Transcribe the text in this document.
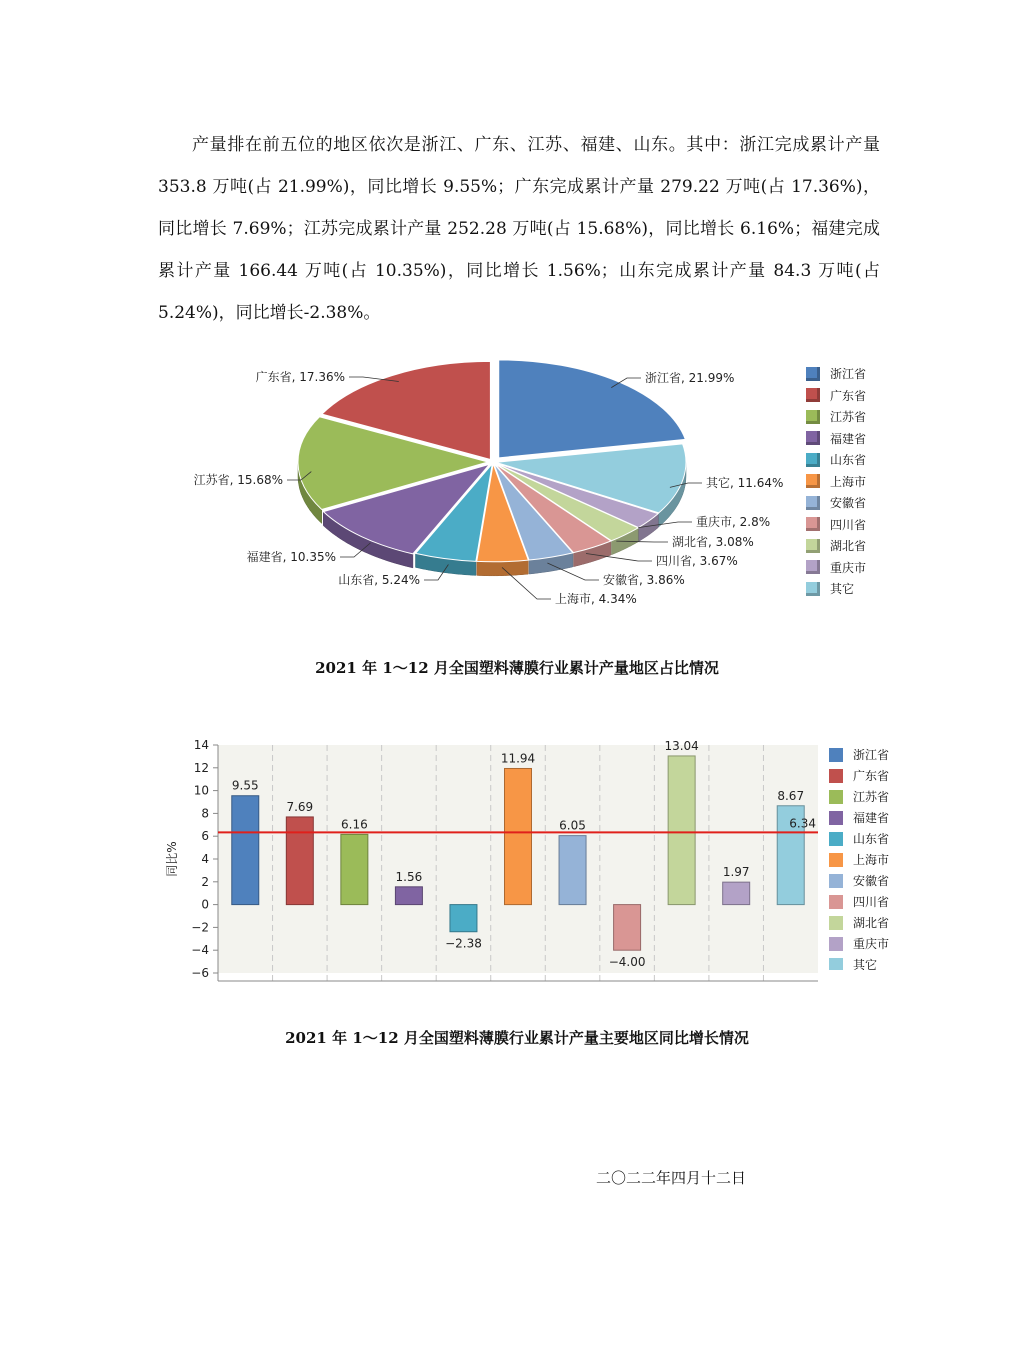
产量排在前五位的地区依次是浙江、广东、江苏、福建、山东。其中：浙江完成累计产量 353.8 万吨(占 21.99%)，同比增长 9.55%；广东完成累计产量 279.22 万吨(占 17.36%)，同比增长 7.69%；江苏完成累计产量 252.28 万吨(占 15.68%)，同比增长 6.16%；福建完成累计产量 166.44 万吨(占 10.35%)，同比增长 1.56%；山东完成累计产量 84.3 万吨(占 5.24%)，同比增长-2.38%。

浙江省, 21.99%
其它, 11.64%
重庆市, 2.8%
湖北省, 3.08%
四川省, 3.67%
安徽省, 3.86%
上海市, 4.34%
山东省, 5.24%
福建省, 10.35%
江苏省, 15.68%
广东省, 17.36%	浙江省
广东省
江苏省
福建省
山东省
上海市
安徽省
四川省
湖北省
重庆市
其它
2021 年 1～12 月全国塑料薄膜行业累计产量地区占比情况
−6
−4
−2
0
2
4
6
8
10
12
14
同比%
9.55
7.69
6.16
1.56
−2.38
11.94
6.05
−4.00
13.04
1.97
8.67
6.34
浙江省
广东省
江苏省
福建省
山东省
上海市
安徽省
四川省
湖北省
重庆市
其它
2021 年 1～12 月全国塑料薄膜行业累计产量主要地区同比增长情况
二〇二二年四月十二日
